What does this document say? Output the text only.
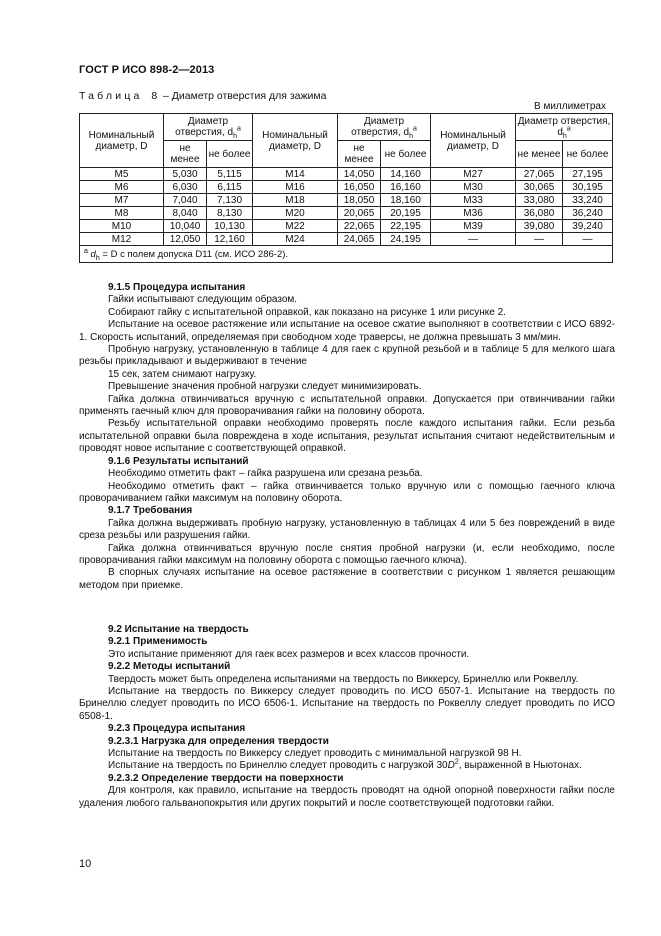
ГОСТ Р ИСО 898-2—2013
Таблица 8 – Диаметр отверстия для зажима
В миллиметрах
Номинальный диаметр, D	Диаметр отверстия, $d_h^a$		Номинальный диаметр, D	Диаметр отверстия, $d_h^a$		Номинальный диаметр, D	Диаметр отверстия, $d_h^a$
	не менее	не более		не менее	не более		не менее	не более
M5	5,030	5,115	M14	14,050	14,160	M27	27,065	27,195
M6	6,030	6,115	M16	16,050	16,160	M30	30,065	30,195
M7	7,040	7,130	M18	18,050	18,160	M33	33,080	33,240
M8	8,040	8,130	M20	20,065	20,195	M36	36,080	36,240
M10	10,040	10,130	M22	22,065	22,195	M39	39,080	39,240
M12	12,050	12,160	M24	24,065	24,195	—	—	—
$^a$ $d_h = D$ с полем допуска D11 (см. ИСО 286-2).								

9.1.5 Процедура испытания

Гайки испытывают следующим образом.

Собирают гайку с испытательной оправкой, как показано на рисунке 1 или рисунке 2.

Испытание на осевое растяжение или испытание на осевое сжатие выполняют в соответствии с ИСО 6892-1. Скорость испытаний, определяемая при свободном ходе траверсы, не должна превышать 3 мм/мин.

Пробную нагрузку, установленную в таблице 4 для гаек с крупной резьбой и в таблице 5 для мелкого шага резьбы прикладывают и выдерживают в течение

15 сек, затем снимают нагрузку.

Превышение значения пробной нагрузки следует минимизировать.

Гайка должна отвинчиваться вручную с испытательной оправки. Допускается при отвинчивании гайки применять гаечный ключ для проворачивания гайки на половину оборота.

Резьбу испытательной оправки необходимо проверять после каждого испытания гайки. Если резьба испытательной оправки была повреждена в ходе испытания, результат испытания считают недействительным и проводят новое испытание с соответствующей оправкой.

9.1.6 Результаты испытаний

Необходимо отметить факт – гайка разрушена или срезана резьба.

Необходимо отметить факт – гайка отвинчивается только вручную или с помощью гаечного ключа проворачиванием гайки максимум на половину оборота.

9.1.7 Требования

Гайка должна выдерживать пробную нагрузку, установленную в таблицах 4 или 5 без повреждений в виде среза резьбы или разрушения гайки.

Гайка должна отвинчиваться вручную после снятия пробной нагрузки (и, если необходимо, после проворачивания гайки максимум на половину оборота с помощью гаечного ключа).

В спорных случаях испытание на осевое растяжение в соответствии с рисунком 1 является решающим методом при приемке.

9.2 Испытание на твердость

9.2.1 Применимость

Это испытание применяют для гаек всех размеров и всех классов прочности.

9.2.2 Методы испытаний

Твердость может быть определена испытаниями на твердость по Виккерсу, Бринеллю или Роквеллу.

Испытание на твердость по Виккерсу следует проводить по ИСО 6507-1. Испытание на твердость по Бринеллю следует проводить по ИСО 6506-1. Испытание на твердость по Роквеллу следует проводить по ИСО 6508-1.

9.2.3 Процедура испытания

9.2.3.1 Нагрузка для определения твердости

Испытание на твердость по Виккерсу следует проводить с минимальной нагрузкой 98 Н.

Испытание на твердость по Бринеллю следует проводить с нагрузкой $30D^2$, выраженной в Ньютонах.

9.2.3.2 Определение твердости на поверхности

Для контроля, как правило, испытание на твердость проводят на одной опорной поверхности гайки после удаления любого гальванопокрытия или других покрытий и после соответствующей подготовки гайки.

10
